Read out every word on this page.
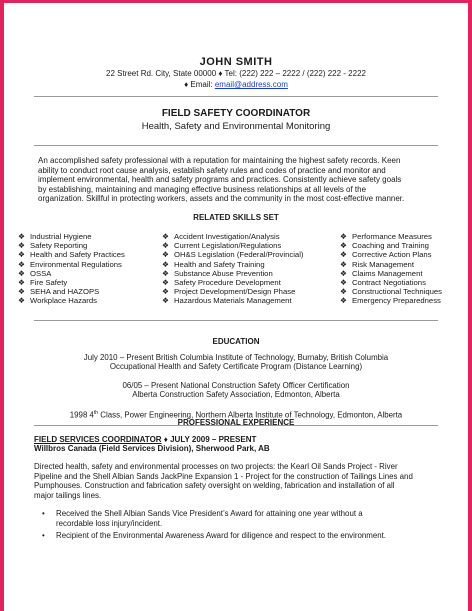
JOHN SMITH
22 Street Rd. City, State 00000 ♦ Tel: (222) 222 – 2222 / (222) 222 - 2222
♦ Email: email@address.com
FIELD SAFETY COORDINATOR
Health, Safety and Environmental Monitoring
An accomplished safety professional with a reputation for maintaining the highest safety records. Keen
ability to conduct root cause analysis, establish safety rules and codes of practice and monitor and
implement environmental, health and safety programs and practices. Consistently achieve safety goals
by establishing, maintaining and managing effective business relationships at all levels of the
organization. Skillful in protecting workers, assets and the community in the most cost-effective manner.
RELATED SKILLS SET
❖ Industrial Hygiene
❖ Safety Reporting
❖ Health and Safety Practices
❖ Environmental Regulations
❖ OSSA
❖ Fire Safety
❖ SEHA and HAZOPS
❖ Workplace Hazards
❖ Accident Investigation/Analysis
❖ Current Legislation/Regulations
❖ OH&S Legislation (Federal/Provincial)
❖ Health and Safety Training
❖ Substance Abuse Prevention
❖ Safety Procedure Development
❖ Project Development/Design Phase
❖ Hazardous Materials Management
❖ Performance Measures
❖ Coaching and Training
❖ Corrective Action Plans
❖ Risk Management
❖ Claims Management
❖ Contract Negotiations
❖ Constructional Techniques
❖ Emergency Preparedness
EDUCATION
July 2010 – Present British Columbia Institute of Technology, Burnaby, British Columbia
Occupational Health and Safety Certificate Program (Distance Learning)
06/05 – Present National Construction Safety Officer Certification
Alberta Construction Safety Association, Edmonton, Alberta
1998 4th Class, Power Engineering, Northern Alberta Institute of Technology, Edmonton, Alberta
PROFESSIONAL EXPERIENCE
FIELD SERVICES COORDINATOR ♦ JULY 2009 – PRESENT
Willbros Canada (Field Services Division), Sherwood Park, AB
Directed health, safety and environmental processes on two projects: the Kearl Oil Sands Project - River
Pipeline and the Shell Albian Sands JackPine Expansion 1 - Project for the construction of Tailings Lines and
Pumphouses. Construction and fabrication safety oversight on welding, fabrication and installation of all
major tailings lines.
• Received the Shell Albian Sands Vice President’s Award for attaining one year without a
recordable loss injury/incident.
• Recipient of the Environmental Awareness Award for diligence and respect to the environment.
